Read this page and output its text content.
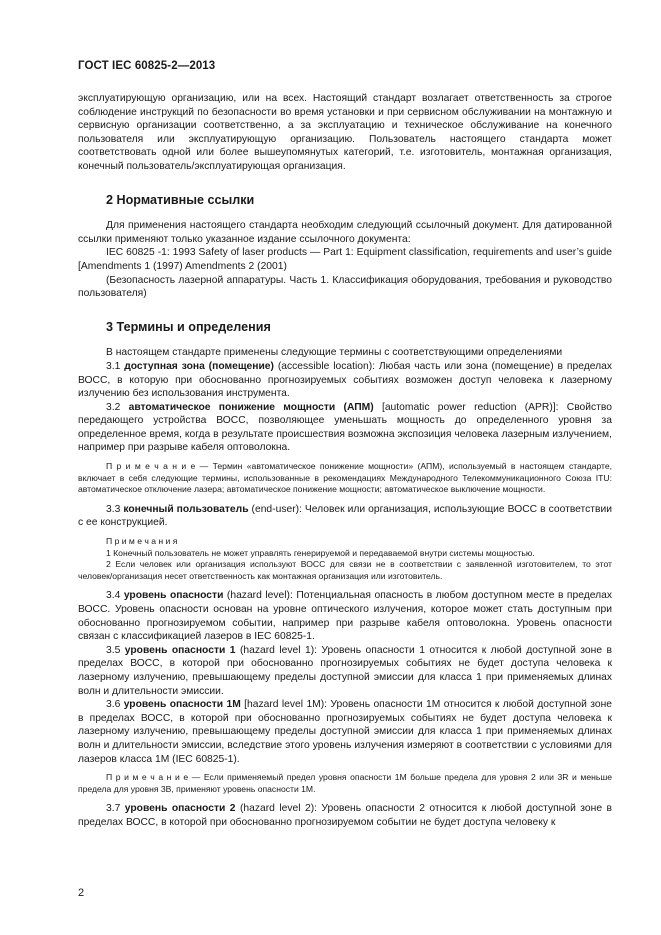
ГОСТ IEC 60825-2—2013

эксплуатирующую организацию, или на всех. Настоящий стандарт возлагает ответственность за строгое соблюдение инструкций по безопасности во время установки и при сервисном обслуживании на монтажную и сервисную организации соответственно, а за эксплуатацию и техническое обслуживание на конечного пользователя или эксплуатирующую организацию. Пользователь настоящего стандарта может соответствовать одной или более вышеупомянутых категорий, т.е. изготовитель, монтажная организация, конечный пользователь/эксплуатирующая организация.

2 Нормативные ссылки

Для применения настоящего стандарта необходим следующий ссылочный документ. Для датированной ссылки применяют только указанное издание ссылочного документа:

IEC 60825 -1: 1993 Safety of laser products — Part 1: Equipment classification, requirements and user’s guide [Amendments 1 (1997) Amendments 2 (2001)

(Безопасность лазерной аппаратуры. Часть 1. Классификация оборудования, требования и руководство пользователя)

3 Термины и определения

В настоящем стандарте применены следующие термины с соответствующими определениями

3.1 доступная зона (помещение) (accessible location): Любая часть или зона (помещение) в пределах ВОСС, в которую при обоснованно прогнозируемых событиях возможен доступ человека к лазерному излучению без использования инструмента.

3.2 автоматическое понижение мощности (АПМ) [automatic power reduction (APR)]: Свойство передающего устройства ВОСС, позволяющее уменьшать мощность до определенного уровня за определенное время, когда в результате происшествия возможна экспозиция человека лазерным излучением, например при разрыве кабеля оптоволокна.

П р и м е ч а н и е — Термин «автоматическое понижение мощности» (АПМ), используемый в настоящем стандарте, включает в себя следующие термины, использованные в рекомендациях Международного Телекоммуникационного Союза ITU: автоматическое отключение лазера; автоматическое понижение мощности; автоматическое выключение мощности.

3.3 конечный пользователь (end-user): Человек или организация, использующие ВОСС в соответствии с ее конструкцией.

П р и м е ч а н и я

1 Конечный пользователь не может управлять генерируемой и передаваемой внутри системы мощностью.

2 Если человек или организация используют ВОСС для связи не в соответствии с заявленной изготовителем, то этот человек/организация несет ответственность как монтажная организация или изготовитель.

3.4 уровень опасности (hazard level): Потенциальная опасность в любом доступном месте в пределах ВОСС. Уровень опасности основан на уровне оптического излучения, которое может стать доступным при обоснованно прогнозируемом событии, например при разрыве кабеля оптоволокна. Уровень опасности связан с классификацией лазеров в IEC 60825-1.

3.5 уровень опасности 1 (hazard level 1): Уровень опасности 1 относится к любой доступной зоне в пределах ВОСС, в которой при обоснованно прогнозируемых событиях не будет доступа человека к лазерному излучению, превышающему пределы доступной эмиссии для класса 1 при применяемых длинах волн и длительности эмиссии.

3.6 уровень опасности 1М [hazard level 1M): Уровень опасности 1М относится к любой доступной зоне в пределах ВОСС, в которой при обоснованно прогнозируемых событиях не будет доступа человека к лазерному излучению, превышающему пределы доступной эмиссии для класса 1 при применяемых длинах волн и длительности эмиссии, вследствие этого уровень излучения измеряют в соответствии с условиями для лазеров класса 1М (IEC 60825-1).

П р и м е ч а н и е — Если применяемый предел уровня опасности 1М больше предела для уровня 2 или 3R и меньше предела для уровня 3В, применяют уровень опасности 1М.

3.7 уровень опасности 2 (hazard level 2): Уровень опасности 2 относится к любой доступной зоне в пределах ВОСС, в которой при обоснованно прогнозируемом событии не будет доступа человеку к

2
